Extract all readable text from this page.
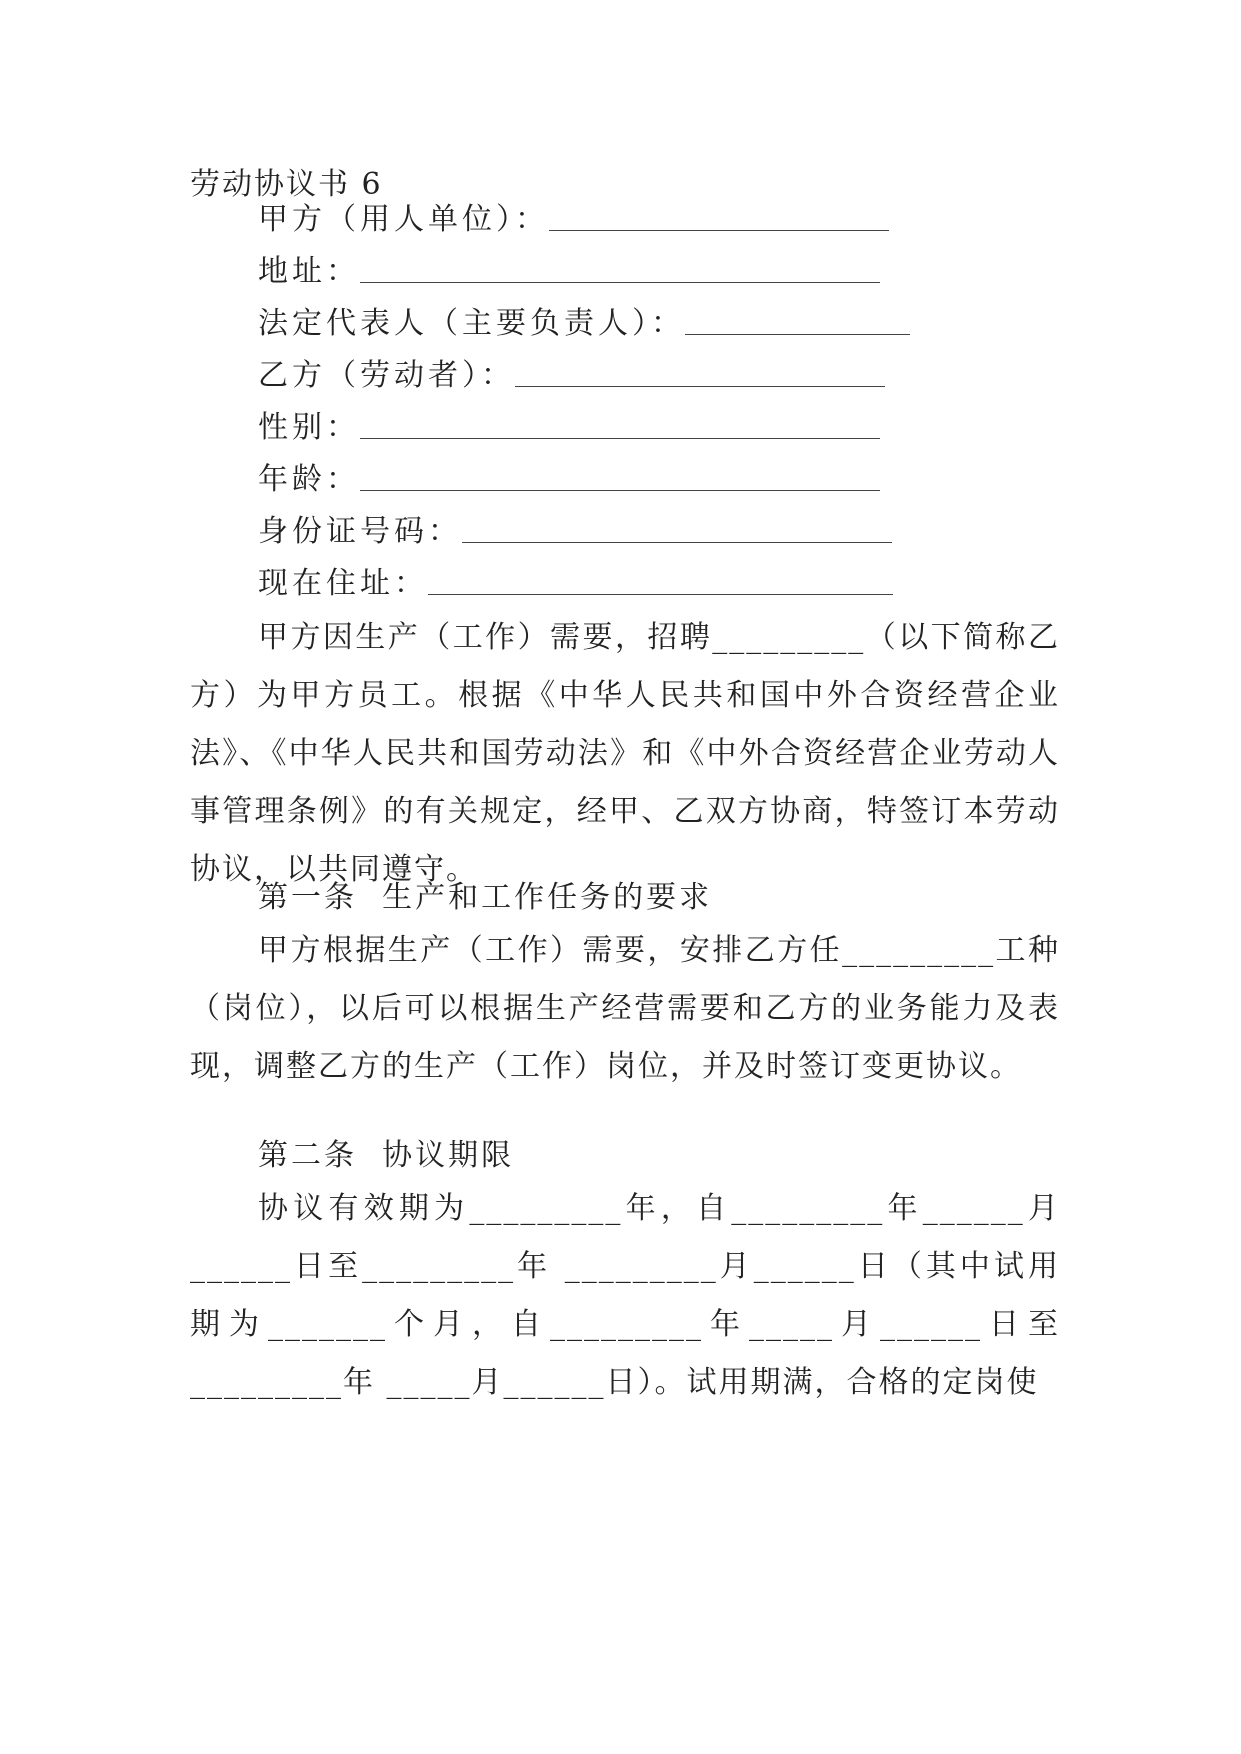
劳动协议书 6
甲方（用人单位）：
地址：
法定代表人（主要负责人）：
乙方（劳动者）：
性别：
年龄：
身份证号码：
现在住址：
甲方因生产（工作）需要，招聘_________（以下简称乙方）为甲方员工。根据《中华人民共和国中外合资经营企业法》、《中华人民共和国劳动法》和《中外合资经营企业劳动人事管理条例》的有关规定，经甲、乙双方协商，特签订本劳动协议，以共同遵守。
第一条  生产和工作任务的要求
甲方根据生产（工作）需要，安排乙方任_________工种（岗位），以后可以根据生产经营需要和乙方的业务能力及表现，调整乙方的生产（工作）岗位，并及时签订变更协议。
第二条  协议期限
协议有效期为_________年，自_________年______月______日至_________年 _________月______日（其中试用期为_______个月，自_________年_____月______日至_________年 _____月______日）。试用期满，合格的定岗使
